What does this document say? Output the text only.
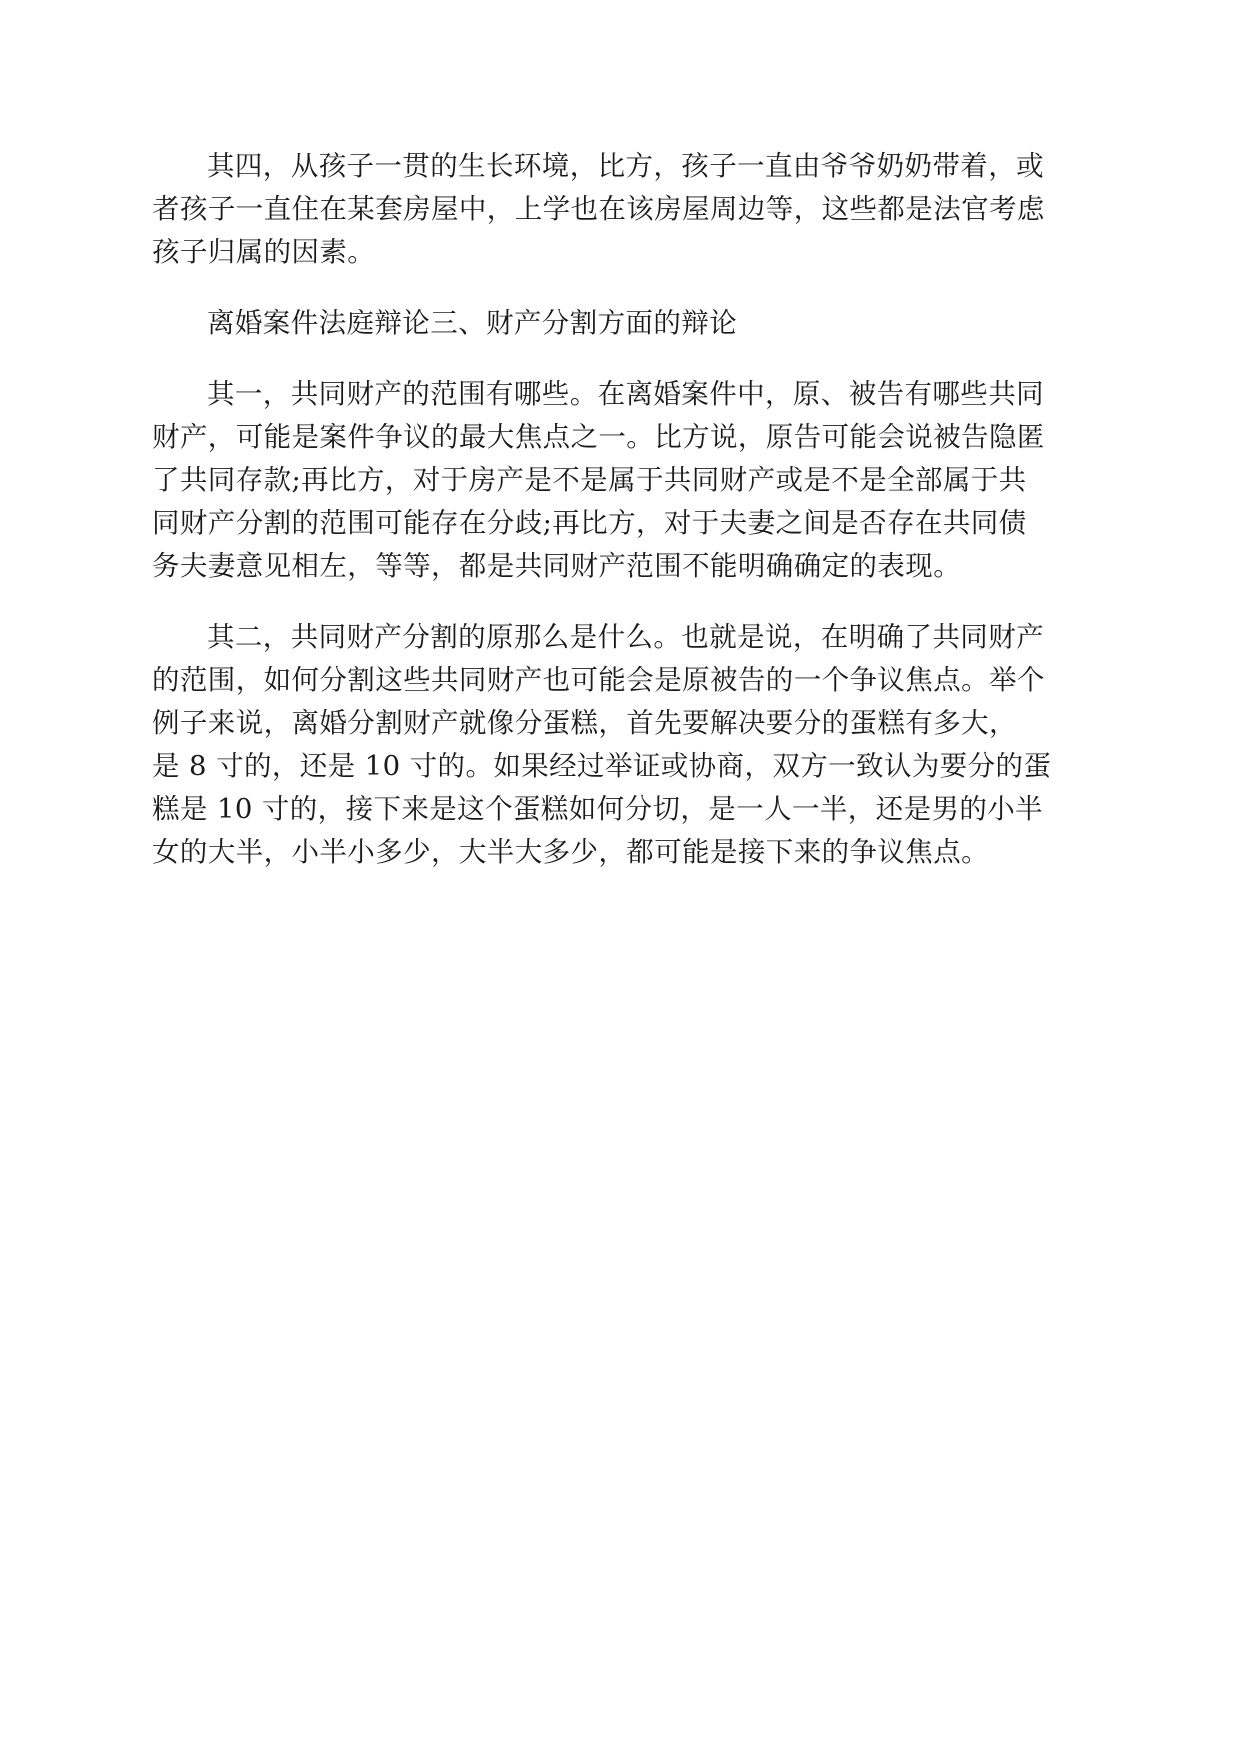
其四，从孩子一贯的生长环境，比方，孩子一直由爷爷奶奶带着，或
者孩子一直住在某套房屋中，上学也在该房屋周边等，这些都是法官考虑
孩子归属的因素。

离婚案件法庭辩论三、财产分割方面的辩论

其一，共同财产的范围有哪些。在离婚案件中，原、被告有哪些共同
财产，可能是案件争议的最大焦点之一。比方说，原告可能会说被告隐匿
了共同存款;再比方，对于房产是不是属于共同财产或是不是全部属于共
同财产分割的范围可能存在分歧;再比方，对于夫妻之间是否存在共同债
务夫妻意见相左，等等，都是共同财产范围不能明确确定的表现。

其二，共同财产分割的原那么是什么。也就是说，在明确了共同财产
的范围，如何分割这些共同财产也可能会是原被告的一个争议焦点。举个
例子来说，离婚分割财产就像分蛋糕，首先要解决要分的蛋糕有多大，
是 8 寸的，还是 10 寸的。如果经过举证或协商，双方一致认为要分的蛋
糕是 10 寸的，接下来是这个蛋糕如何分切，是一人一半，还是男的小半
女的大半，小半小多少，大半大多少，都可能是接下来的争议焦点。
